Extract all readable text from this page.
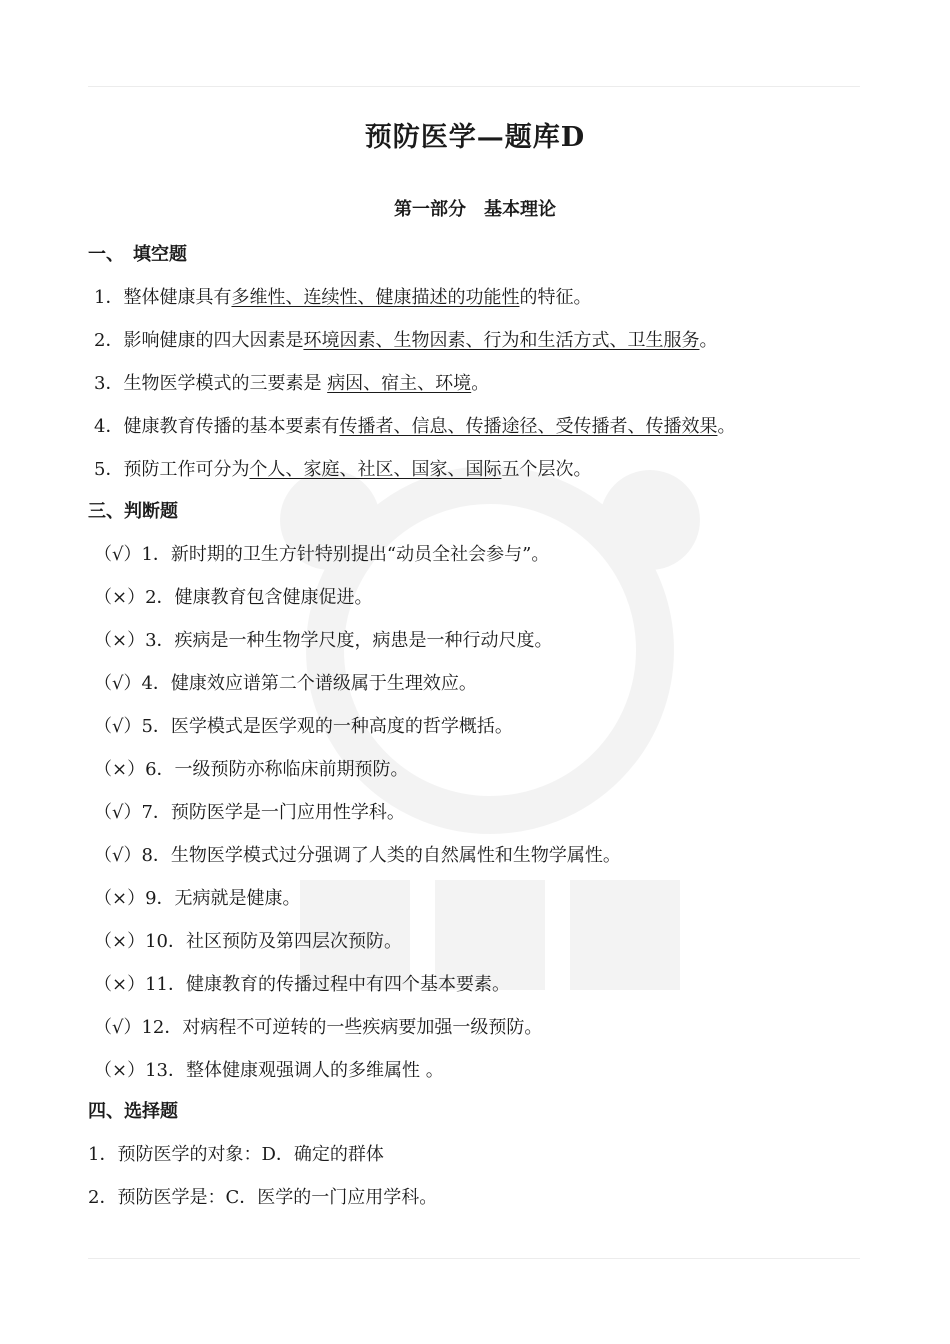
预防医学—题库D
第一部分　基本理论
一、　填空题
1．整体健康具有多维性、连续性、健康描述的功能性的特征。
2．影响健康的四大因素是环境因素、生物因素、行为和生活方式、卫生服务。
3．生物医学模式的三要素是 病因、宿主、环境。
4．健康教育传播的基本要素有传播者、信息、传播途径、受传播者、传播效果。
5．预防工作可分为个人、家庭、社区、国家、国际五个层次。
三、判断题
（√）1．新时期的卫生方针特别提出“动员全社会参与”。
（×）2．健康教育包含健康促进。
（×）3．疾病是一种生物学尺度，病患是一种行动尺度。
（√）4．健康效应谱第二个谱级属于生理效应。
（√）5．医学模式是医学观的一种高度的哲学概括。
（×）6．一级预防亦称临床前期预防。
（√）7．预防医学是一门应用性学科。
（√）8．生物医学模式过分强调了人类的自然属性和生物学属性。
（×）9．无病就是健康。
（×）10．社区预防及第四层次预防。
（×）11．健康教育的传播过程中有四个基本要素。
（√）12．对病程不可逆转的一些疾病要加强一级预防。
（×）13．整体健康观强调人的多维属性 。
四、选择题
1．预防医学的对象：D．确定的群体
2．预防医学是：C．医学的一门应用学科。
